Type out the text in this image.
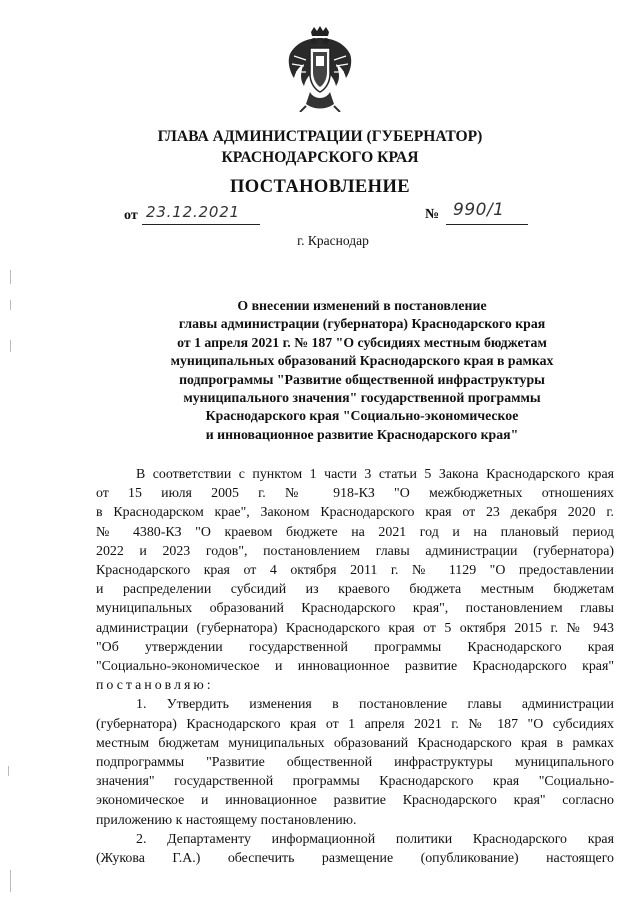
ГЛАВА АДМИНИСТРАЦИИ (ГУБЕРНАТОР)
КРАСНОДАРСКОГО КРАЯ
ПОСТАНОВЛЕНИЕ
от 23.12.2021	№ 990/1
г. Краснодар
О внесении изменений в постановление
главы администрации (губернатора) Краснодарского края
от 1 апреля 2021 г. № 187 "О субсидиях местным бюджетам
муниципальных образований Краснодарского края в рамках
подпрограммы "Развитие общественной инфраструктуры
муниципального значения" государственной программы
Краснодарского края "Социально-экономическое
и инновационное развитие Краснодарского края"
В соответствии с пунктом 1 части 3 статьи 5 Закона Краснодарского края
от 15 июля 2005 г. № 918-КЗ "О межбюджетных отношениях
в Краснодарском крае", Законом Краснодарского края от 23 декабря 2020 г.
№ 4380-КЗ "О краевом бюджете на 2021 год и на плановый период
2022 и 2023 годов", постановлением главы администрации (губернатора)
Краснодарского края от 4 октября 2011 г. № 1129 "О предоставлении
и распределении субсидий из краевого бюджета местным бюджетам
муниципальных образований Краснодарского края", постановлением главы
администрации (губернатора) Краснодарского края от 5 октября 2015 г. № 943
"Об утверждении государственной программы Краснодарского края
"Социально-экономическое и инновационное развитие Краснодарского края"
постановляю:
1. Утвердить изменения в постановление главы администрации
(губернатора) Краснодарского края от 1 апреля 2021 г. № 187 "О субсидиях
местным бюджетам муниципальных образований Краснодарского края в рамках
подпрограммы "Развитие общественной инфраструктуры муниципального
значения" государственной программы Краснодарского края "Социально-
экономическое и инновационное развитие Краснодарского края" согласно
приложению к настоящему постановлению.
2. Департаменту информационной политики Краснодарского края
(Жукова Г.А.) обеспечить размещение (опубликование) настоящего
